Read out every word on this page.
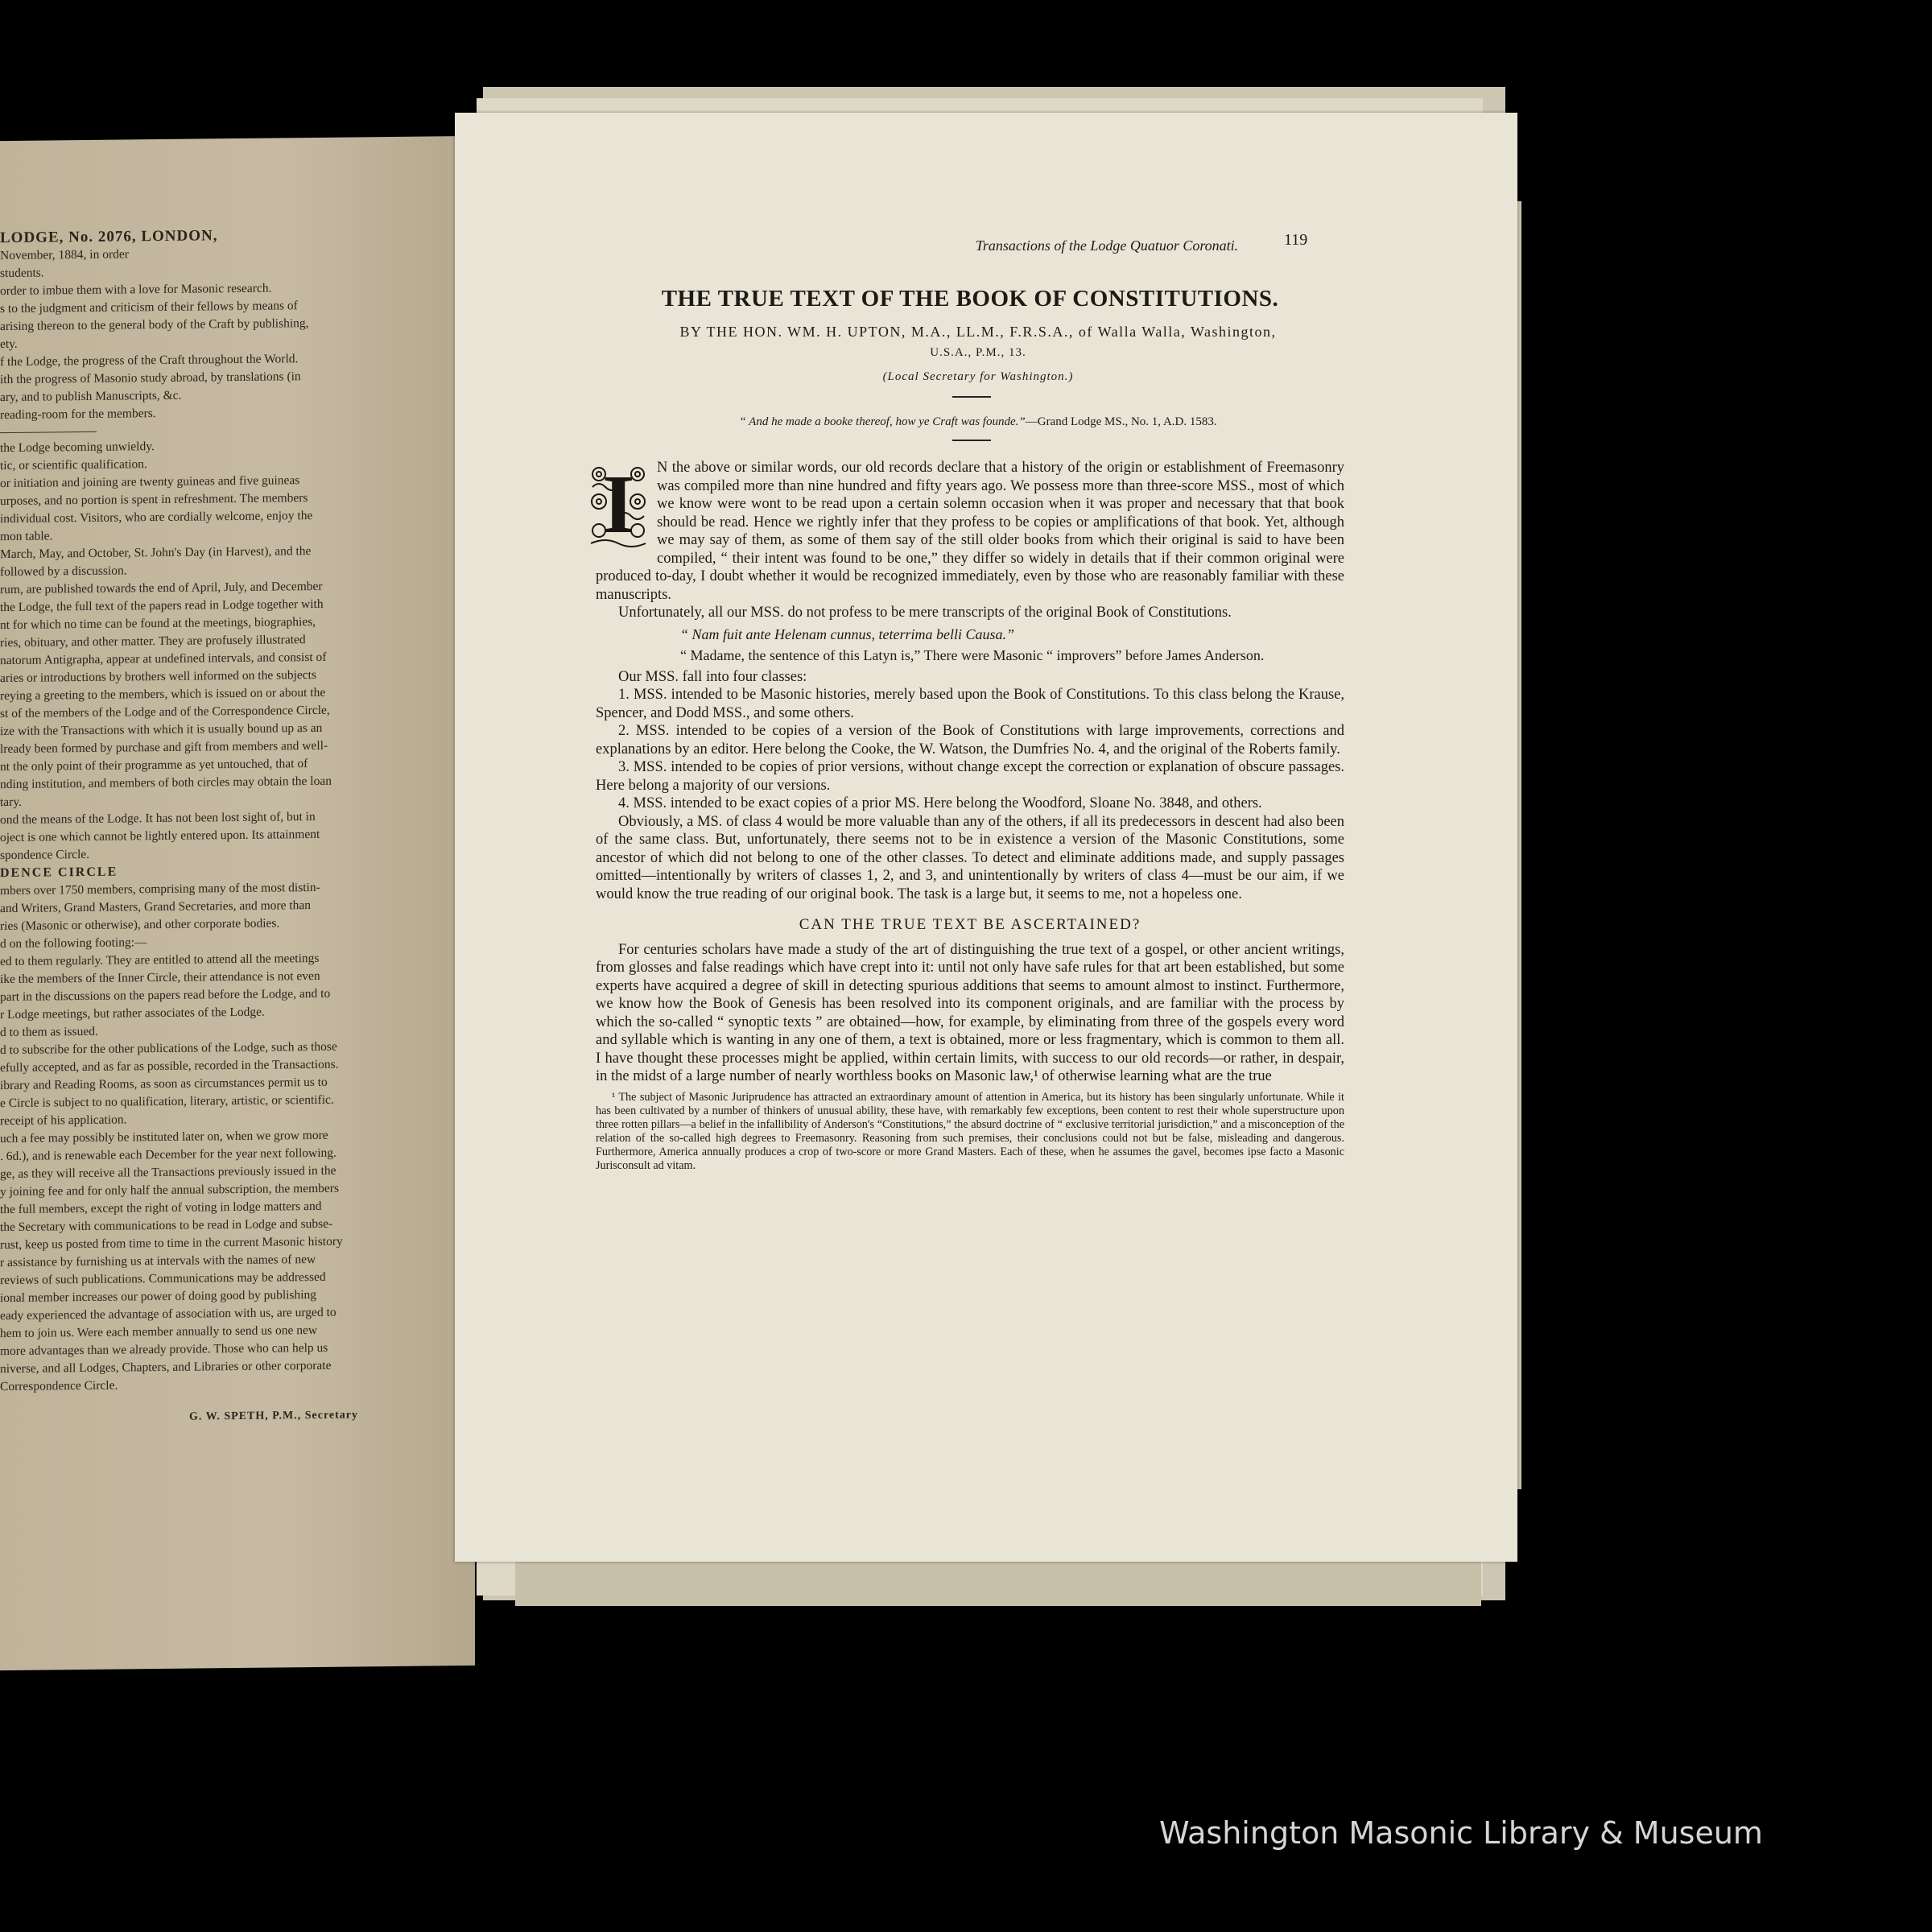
LODGE, No. 2076, LONDON,
November, 1884, in order
students.
order to imbue them with a love for Masonic research.
s to the judgment and criticism of their fellows by means of
arising thereon to the general body of the Craft by publishing,
ety.
f the Lodge, the progress of the Craft throughout the World.
ith the progress of Masonio study abroad, by translations (in
ary, and to publish Manuscripts, &c.
reading-room for the members.
the Lodge becoming unwieldy.
tic, or scientific qualification.
or initiation and joining are twenty guineas and five guineas
urposes, and no portion is spent in refreshment. The members
individual cost. Visitors, who are cordially welcome, enjoy the
mon table.
March, May, and October, St. John's Day (in Harvest), and the
followed by a discussion.
rum, are published towards the end of April, July, and December
the Lodge, the full text of the papers read in Lodge together with
nt for which no time can be found at the meetings, biographies,
ries, obituary, and other matter. They are profusely illustrated
natorum Antigrapha, appear at undefined intervals, and consist of
aries or introductions by brothers well informed on the subjects
reying a greeting to the members, which is issued on or about the
st of the members of the Lodge and of the Correspondence Circle,
ize with the Transactions with which it is usually bound up as an
lready been formed by purchase and gift from members and well-
nt the only point of their programme as yet untouched, that of
nding institution, and members of both circles may obtain the loan
tary.
ond the means of the Lodge. It has not been lost sight of, but in
oject is one which cannot be lightly entered upon. Its attainment
spondence Circle.
DENCE CIRCLE
mbers over 1750 members, comprising many of the most distin-
and Writers, Grand Masters, Grand Secretaries, and more than
ries (Masonic or otherwise), and other corporate bodies.
d on the following footing:—
ed to them regularly. They are entitled to attend all the meetings
ike the members of the Inner Circle, their attendance is not even
part in the discussions on the papers read before the Lodge, and to
r Lodge meetings, but rather associates of the Lodge.
d to them as issued.
d to subscribe for the other publications of the Lodge, such as those
efully accepted, and as far as possible, recorded in the Transactions.
ibrary and Reading Rooms, as soon as circumstances permit us to
e Circle is subject to no qualification, literary, artistic, or scientific.
receipt of his application.
uch a fee may possibly be instituted later on, when we grow more
. 6d.), and is renewable each December for the year next following.
ge, as they will receive all the Transactions previously issued in the
y joining fee and for only half the annual subscription, the members
the full members, except the right of voting in lodge matters and
the Secretary with communications to be read in Lodge and subse-
rust, keep us posted from time to time in the current Masonic history
r assistance by furnishing us at intervals with the names of new
reviews of such publications. Communications may be addressed
ional member increases our power of doing good by publishing
eady experienced the advantage of association with us, are urged to
hem to join us. Were each member annually to send us one new
more advantages than we already provide. Those who can help us
niverse, and all Lodges, Chapters, and Libraries or other corporate
Correspondence Circle.
G. W. SPETH, P.M., Secretary
Transactions of the Lodge Quatuor Coronati.	119
THE TRUE TEXT OF THE BOOK OF CONSTITUTIONS.
BY THE HON. WM. H. UPTON, M.A., LL.M., F.R.S.A., of Walla Walla, Washington,
U.S.A., P.M., 13.
(Local Secretary for Washington.)
“ And he made a booke thereof, how ye Craft was founde.”—Grand Lodge MS., No. 1, A.D. 1583.
I	N the above or similar words, our old records declare that a history of the origin or establishment of Freemasonry was compiled more than nine hundred and fifty years ago. We possess more than three-score MSS., most of which we know were wont to be read upon a certain solemn occasion when it was proper and necessary that that book should be read. Hence we rightly infer that they profess to be copies or amplifications of that book. Yet, although we may say of them, as some of them say of the still older books from which their original is said to have been compiled, “ their intent was found to be one,” they differ so widely in details that if their common original were produced to-day, I doubt whether it would be recognized immediately, even by those who are reasonably familiar with these manuscripts.

Unfortunately, all our MSS. do not profess to be mere transcripts of the original Book of Constitutions.

“ Nam fuit ante Helenam cunnus, teterrima belli Causa.”
“ Madame, the sentence of this Latyn is,” There were Masonic “ improvers” before James Anderson.

Our MSS. fall into four classes:

1. MSS. intended to be Masonic histories, merely based upon the Book of Constitutions. To this class belong the Krause, Spencer, and Dodd MSS., and some others.

2. MSS. intended to be copies of a version of the Book of Constitutions with large improvements, corrections and explanations by an editor. Here belong the Cooke, the W. Watson, the Dumfries No. 4, and the original of the Roberts family.

3. MSS. intended to be copies of prior versions, without change except the correction or explanation of obscure passages. Here belong a majority of our versions.

4. MSS. intended to be exact copies of a prior MS. Here belong the Woodford, Sloane No. 3848, and others.

Obviously, a MS. of class 4 would be more valuable than any of the others, if all its predecessors in descent had also been of the same class. But, unfortunately, there seems not to be in existence a version of the Masonic Constitutions, some ancestor of which did not belong to one of the other classes. To detect and eliminate additions made, and supply passages omitted—intentionally by writers of classes 1, 2, and 3, and unintentionally by writers of class 4—must be our aim, if we would know the true reading of our original book. The task is a large but, it seems to me, not a hopeless one.

CAN THE TRUE TEXT BE ASCERTAINED?

For centuries scholars have made a study of the art of distinguishing the true text of a gospel, or other ancient writings, from glosses and false readings which have crept into it: until not only have safe rules for that art been established, but some experts have acquired a degree of skill in detecting spurious additions that seems to amount almost to instinct. Furthermore, we know how the Book of Genesis has been resolved into its component originals, and are familiar with the process by which the so-called “ synoptic texts ” are obtained—how, for example, by eliminating from three of the gospels every word and syllable which is wanting in any one of them, a text is obtained, more or less fragmentary, which is common to them all. I have thought these processes might be applied, within certain limits, with success to our old records—or rather, in despair, in the midst of a large number of nearly worthless books on Masonic law,¹ of otherwise learning what are the true

¹ The subject of Masonic Juriprudence has attracted an extraordinary amount of attention in America, but its history has been singularly unfortunate. While it has been cultivated by a number of thinkers of unusual ability, these have, with remarkably few exceptions, been content to rest their whole superstructure upon three rotten pillars—a belief in the infallibility of Anderson's “Constitutions,” the absurd doctrine of “ exclusive territorial jurisdiction,” and a misconception of the relation of the so-called high degrees to Freemasonry. Reasoning from such premises, their conclusions could not but be false, misleading and dangerous. Furthermore, America annually produces a crop of two-score or more Grand Masters. Each of these, when he assumes the gavel, becomes ipse facto a Masonic Jurisconsult ad vitam.

Washington Masonic Library & Museum
